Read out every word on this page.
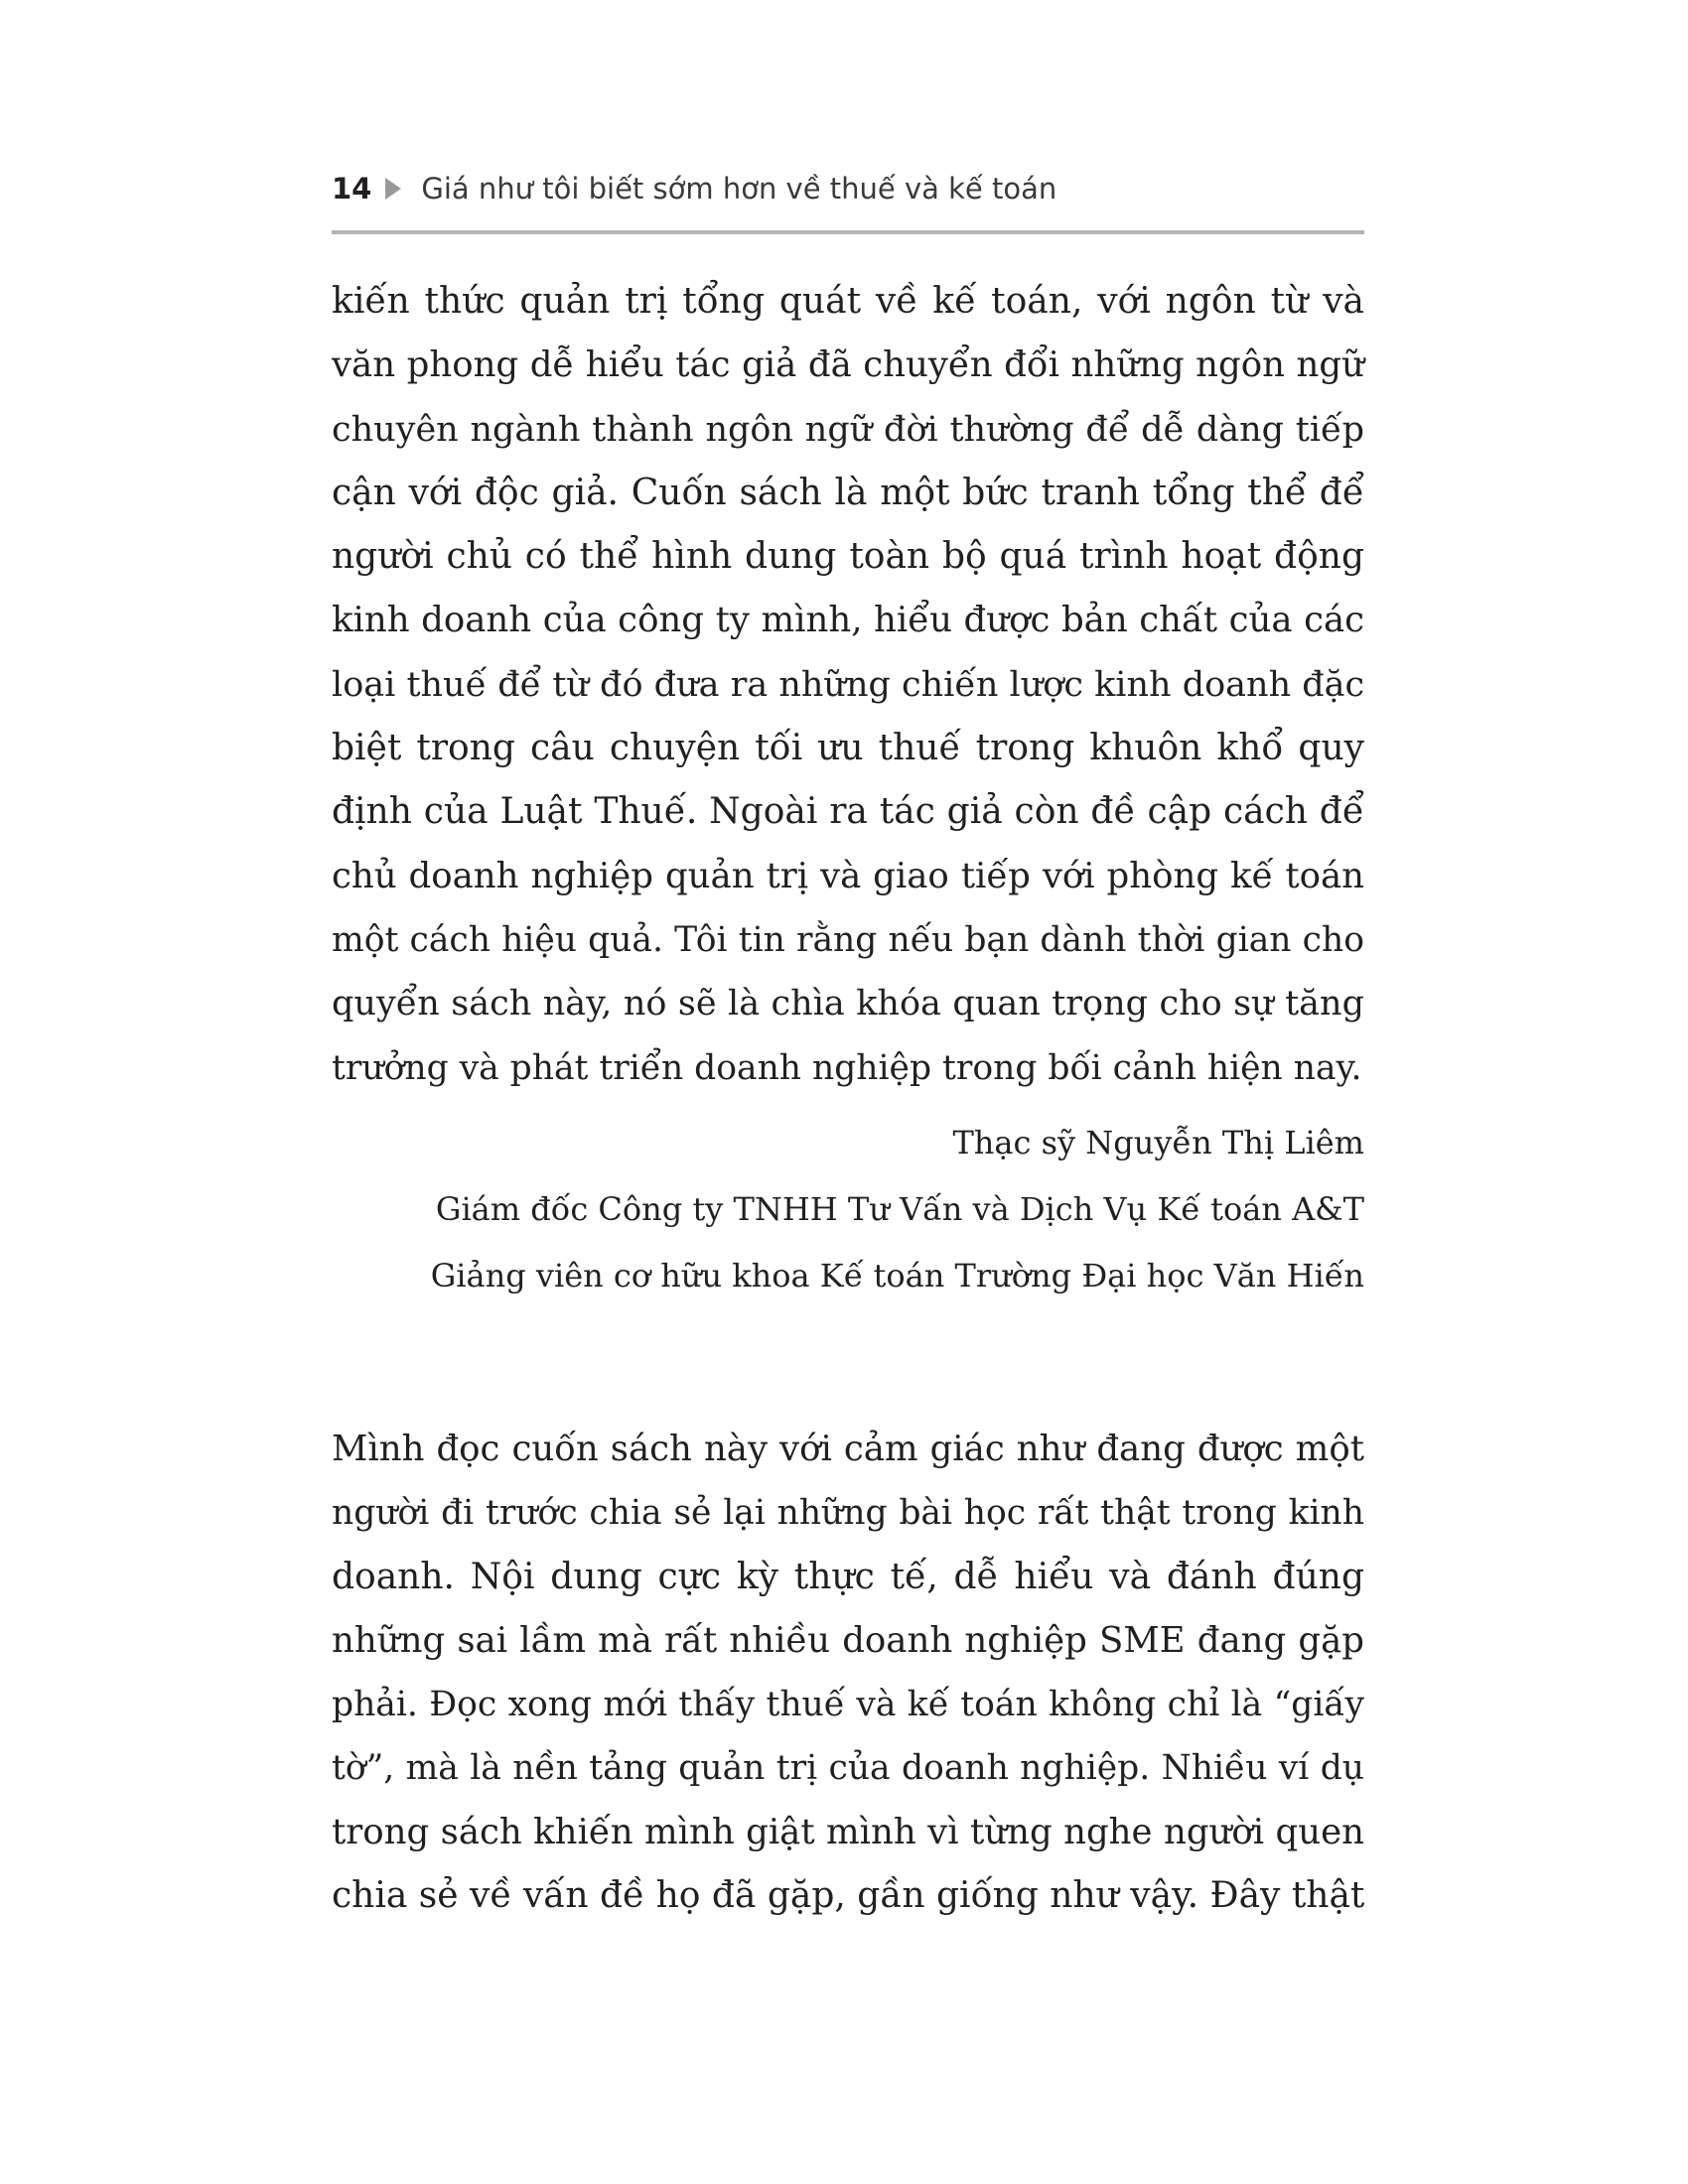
14 Giá như tôi biết sớm hơn về thuế và kế toán
kiến thức quản trị tổng quát về kế toán, với ngôn từ và
văn phong dễ hiểu tác giả đã chuyển đổi những ngôn ngữ
chuyên ngành thành ngôn ngữ đời thường để dễ dàng tiếp
cận với độc giả. Cuốn sách là một bức tranh tổng thể để
người chủ có thể hình dung toàn bộ quá trình hoạt động
kinh doanh của công ty mình, hiểu được bản chất của các
loại thuế để từ đó đưa ra những chiến lược kinh doanh đặc
biệt trong câu chuyện tối ưu thuế trong khuôn khổ quy
định của Luật Thuế. Ngoài ra tác giả còn đề cập cách để
chủ doanh nghiệp quản trị và giao tiếp với phòng kế toán
một cách hiệu quả. Tôi tin rằng nếu bạn dành thời gian cho
quyển sách này, nó sẽ là chìa khóa quan trọng cho sự tăng
trưởng và phát triển doanh nghiệp trong bối cảnh hiện nay.
Thạc sỹ Nguyễn Thị Liêm
Giám đốc Công ty TNHH Tư Vấn và Dịch Vụ Kế toán A&T
Giảng viên cơ hữu khoa Kế toán Trường Đại học Văn Hiến
Mình đọc cuốn sách này với cảm giác như đang được một
người đi trước chia sẻ lại những bài học rất thật trong kinh
doanh. Nội dung cực kỳ thực tế, dễ hiểu và đánh đúng
những sai lầm mà rất nhiều doanh nghiệp SME đang gặp
phải. Đọc xong mới thấy thuế và kế toán không chỉ là “giấy
tờ”, mà là nền tảng quản trị của doanh nghiệp. Nhiều ví dụ
trong sách khiến mình giật mình vì từng nghe người quen
chia sẻ về vấn đề họ đã gặp, gần giống như vậy. Đây thật
